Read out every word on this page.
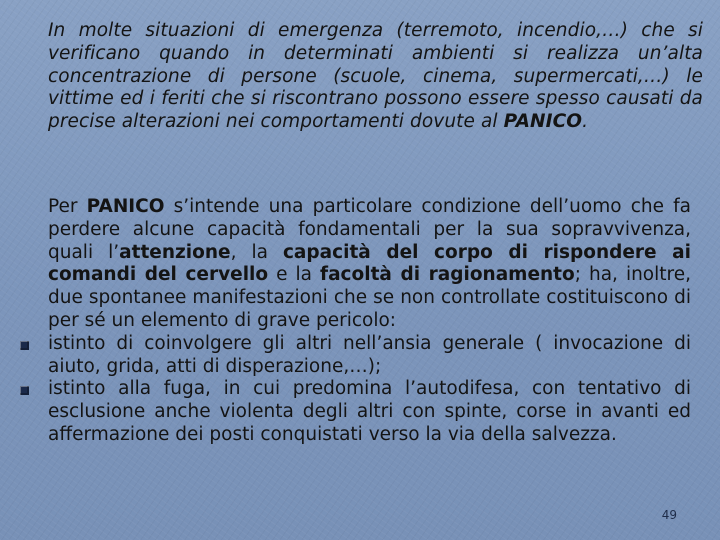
In molte situazioni di emergenza (terremoto, incendio,…) che si verificano quando in determinati ambienti si realizza un’alta concentrazione di persone (scuole, cinema, supermercati,…) le vittime ed i feriti che si riscontrano possono essere spesso causati da precise alterazioni nei comportamenti dovute al PANICO.

Per PANICO s’intende una particolare condizione dell’uomo che fa perdere alcune capacità fondamentali per la sua sopravvivenza, quali l’attenzione, la capacità del corpo di rispondere ai comandi del cervello e la facoltà di ragionamento; ha, inoltre, due spontanee manifestazioni che se non controllate costituiscono di per sé un elemento di grave pericolo:

istinto di coinvolgere gli altri nell’ansia generale ( invocazione di aiuto, grida, atti di disperazione,…);
istinto alla fuga, in cui predomina l’autodifesa, con tentativo di esclusione anche violenta degli altri con spinte, corse in avanti ed affermazione dei posti conquistati verso la via della salvezza.
49
